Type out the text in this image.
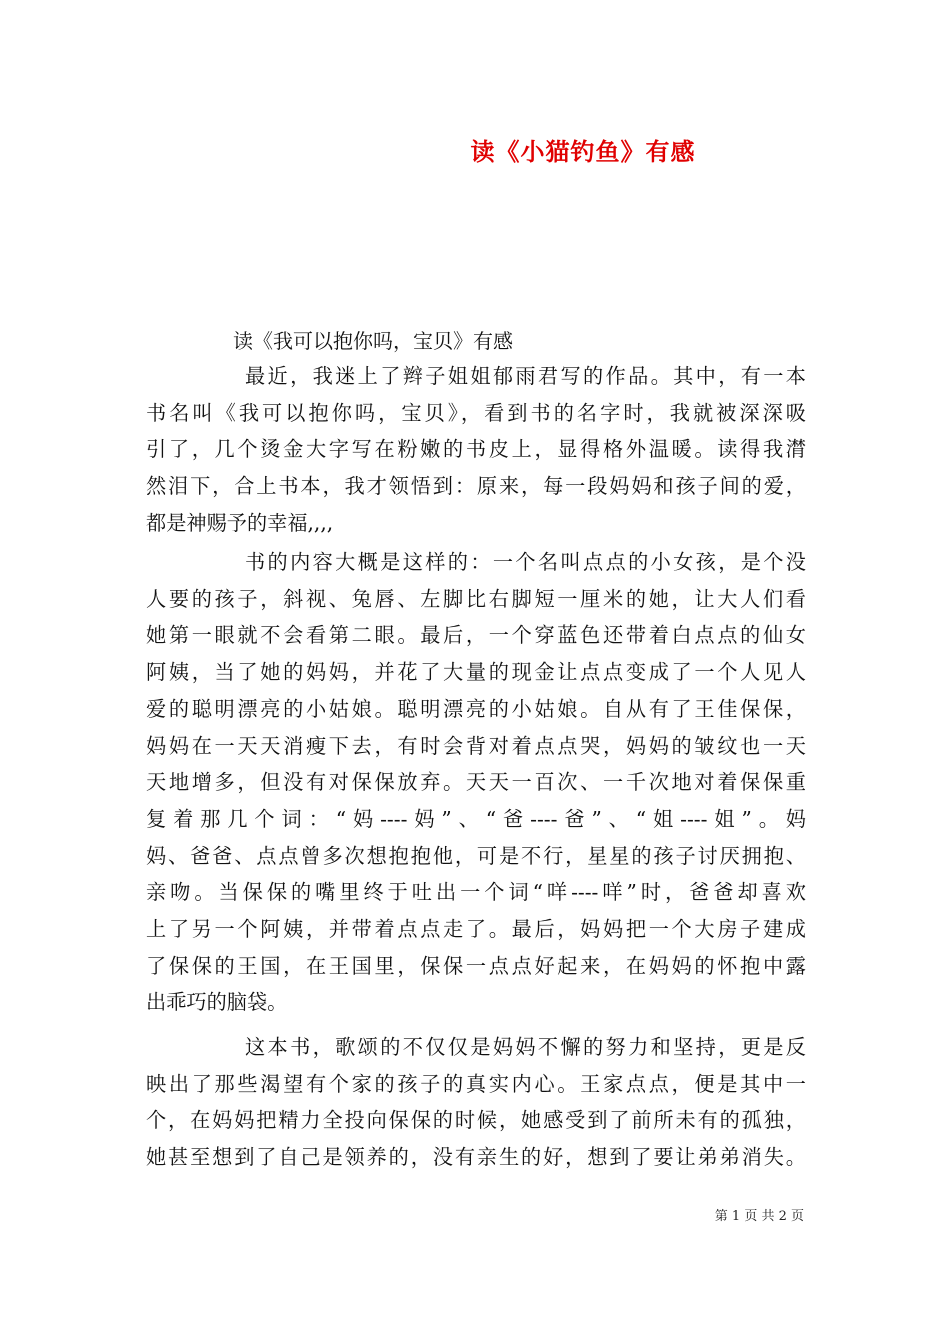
读《小猫钓鱼》有感
读《我可以抱你吗，宝贝》有感
最近，我迷上了辫子姐姐郁雨君写的作品。其中，有一本
书名叫《我可以抱你吗，宝贝》，看到书的名字时，我就被深深吸
引了，几个烫金大字写在粉嫩的书皮上，显得格外温暖。读得我潸
然泪下，合上书本，我才领悟到：原来，每一段妈妈和孩子间的爱，
都是神赐予的幸福,,,,
书的内容大概是这样的：一个名叫点点的小女孩，是个没
人要的孩子，斜视、兔唇、左脚比右脚短一厘米的她，让大人们看
她第一眼就不会看第二眼。最后，一个穿蓝色还带着白点点的仙女
阿姨，当了她的妈妈，并花了大量的现金让点点变成了一个人见人
爱的聪明漂亮的小姑娘。聪明漂亮的小姑娘。自从有了王佳保保，
妈妈在一天天消瘦下去，有时会背对着点点哭，妈妈的皱纹也一天
天地增多，但没有对保保放弃。天天一百次、一千次地对着保保重
复着那几个词：“妈----妈”、“爸----爸”、“姐----姐”。妈
妈、爸爸、点点曾多次想抱抱他，可是不行，星星的孩子讨厌拥抱、
亲吻。当保保的嘴里终于吐出一个词“咩----咩”时，爸爸却喜欢
上了另一个阿姨，并带着点点走了。最后，妈妈把一个大房子建成
了保保的王国，在王国里，保保一点点好起来，在妈妈的怀抱中露
出乖巧的脑袋。
这本书，歌颂的不仅仅是妈妈不懈的努力和坚持，更是反
映出了那些渴望有个家的孩子的真实内心。王家点点，便是其中一
个，在妈妈把精力全投向保保的时候，她感受到了前所未有的孤独，
她甚至想到了自己是领养的，没有亲生的好，想到了要让弟弟消失。
第 1 页 共 2 页
